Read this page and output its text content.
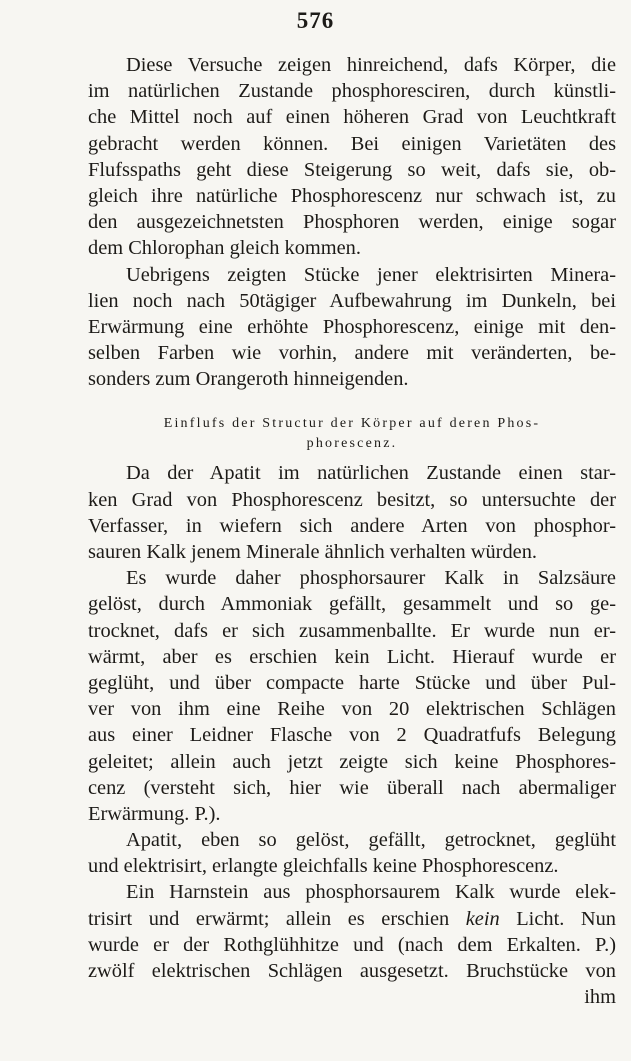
576

Diese Versuche zeigen hinreichend, dafs Körper, die
im natürlichen Zustande phosphoresciren, durch künstli-
che Mittel noch auf einen höheren Grad von Leuchtkraft
gebracht werden können. Bei einigen Varietäten des
Flufsspaths geht diese Steigerung so weit, dafs sie, ob-
gleich ihre natürliche Phosphorescenz nur schwach ist, zu
den ausgezeichnetsten Phosphoren werden, einige sogar
dem Chlorophan gleich kommen.

Uebrigens zeigten Stücke jener elektrisirten Minera-
lien noch nach 50tägiger Aufbewahrung im Dunkeln, bei
Erwärmung eine erhöhte Phosphorescenz, einige mit den-
selben Farben wie vorhin, andere mit veränderten, be-
sonders zum Orangeroth hinneigenden.

Einflufs der Structur der Körper auf deren Phos-
phorescenz.

Da der Apatit im natürlichen Zustande einen star-
ken Grad von Phosphorescenz besitzt, so untersuchte der
Verfasser, in wiefern sich andere Arten von phosphor-
sauren Kalk jenem Minerale ähnlich verhalten würden.

Es wurde daher phosphorsaurer Kalk in Salzsäure
gelöst, durch Ammoniak gefällt, gesammelt und so ge-
trocknet, dafs er sich zusammenballte. Er wurde nun er-
wärmt, aber es erschien kein Licht. Hierauf wurde er
geglüht, und über compacte harte Stücke und über Pul-
ver von ihm eine Reihe von 20 elektrischen Schlägen
aus einer Leidner Flasche von 2 Quadratfufs Belegung
geleitet; allein auch jetzt zeigte sich keine Phosphores-
cenz (versteht sich, hier wie überall nach abermaliger
Erwärmung. P.).

Apatit, eben so gelöst, gefällt, getrocknet, geglüht
und elektrisirt, erlangte gleichfalls keine Phosphorescenz.

Ein Harnstein aus phosphorsaurem Kalk wurde elek-
trisirt und erwärmt; allein es erschien kein Licht. Nun
wurde er der Rothglühhitze und (nach dem Erkalten. P.)
zwölf elektrischen Schlägen ausgesetzt. Bruchstücke von
ihm
